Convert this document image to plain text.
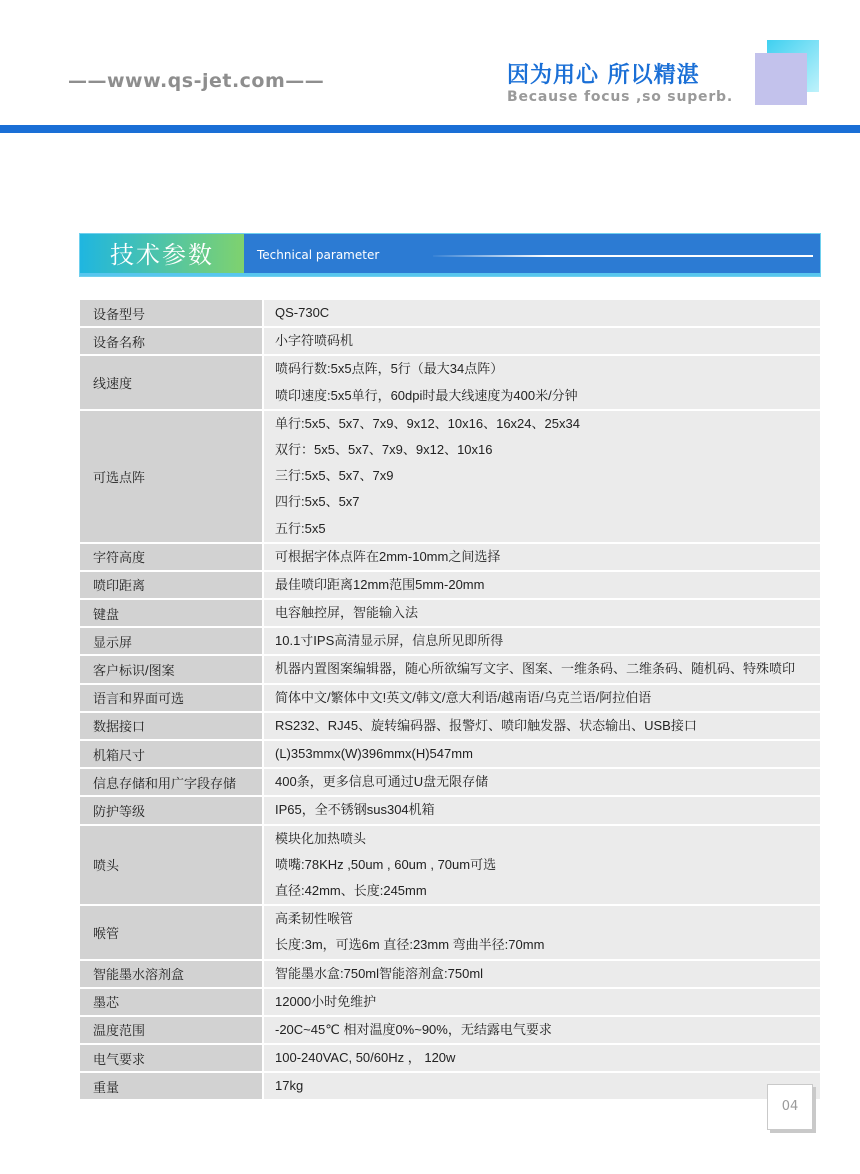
——www.qs-jet.com——	因为用心 所以精湛
Because focus ,so superb.
技术参数	Technical parameter
设备型号	QS-730C

设备名称	小字符喷码机

线速度	喷码行数:5x5点阵，5行（最大34点阵）
喷印速度:5x5单行，60dpi时最大线速度为400米/分钟

可选点阵	单行:5x5、5x7、7x9、9x12、10x16、16x24、25x34
双行：5x5、5x7、7x9、9x12、10x16
三行:5x5、5x7、7x9
四行:5x5、5x7
五行:5x5

字符高度	可根据字体点阵在2mm-10mm之间选择

喷印距离	最佳喷印距离12mm范围5mm-20mm

键盘	电容触控屏，智能输入法

显示屏	10.1寸IPS高清显示屏，信息所见即所得

客户标识/图案	机器内置图案编辑器，随心所欲编写文字、图案、一维条码、二维条码、随机码、特殊喷印

语言和界面可选	简体中文/繁体中文!英文/韩文/意大利语/越南语/乌克兰语/阿拉伯语

数据接口	RS232、RJ45、旋转编码器、报警灯、喷印触发器、状态输出、USB接口

机箱尺寸	(L)353mmx(W)396mmx(H)547mm

信息存储和用广字段存储	400条，更多信息可通过U盘无限存储

防护等级	IP65，全不锈钢sus304机箱

喷头	模块化加热喷头
喷嘴:78KHz ,50um , 60um , 70um可选
直径:42mm、长度:245mm

喉管	高柔韧性喉管
长度:3m，可选6m 直径:23mm 弯曲半径:70mm

智能墨水溶剂盒	智能墨水盒:750ml智能溶剂盒:750ml

墨芯	12000小时免维护

温度范围	-20C~45℃ 相对温度0%~90%，无结露电气要求

电气要求	100-240VAC, 50/60Hz ， 120w

重量	17kg
04
